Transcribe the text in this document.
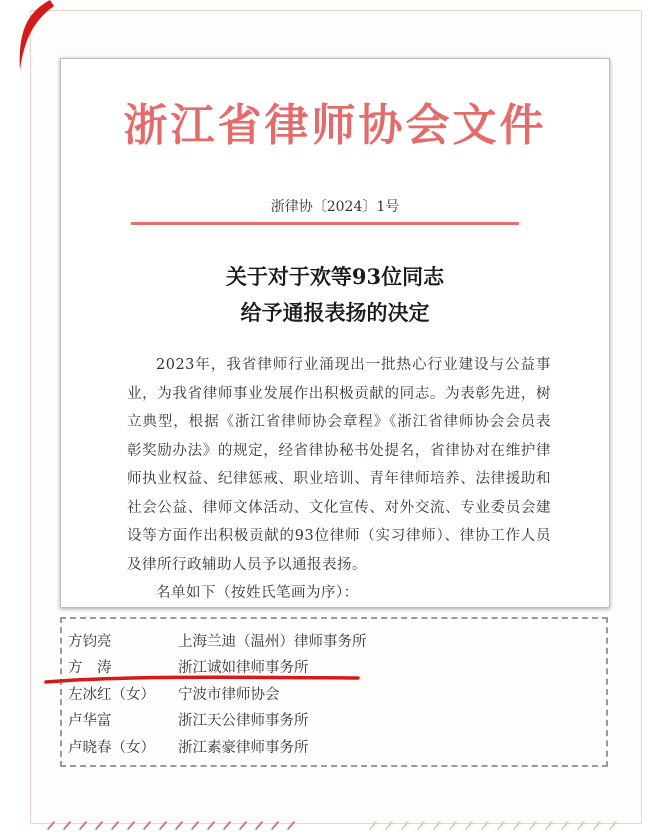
浙江省律师协会文件
浙律协〔2024〕1号
关于对于欢等93位同志
给予通报表扬的决定

2023年，我省律师行业涌现出一批热心行业建设与公益事业，为我省律师事业发展作出积极贡献的同志。为表彰先进，树立典型，根据《浙江省律师协会章程》《浙江省律师协会会员表彰奖励办法》的规定，经省律协秘书处提名，省律协对在维护律师执业权益、纪律惩戒、职业培训、青年律师培养、法律援助和社会公益、律师文体活动、文化宣传、对外交流、专业委员会建设等方面作出积极贡献的93位律师（实习律师）、律协工作人员及律所行政辅助人员予以通报表扬。

名单如下（按姓氏笔画为序）：

方钧亮	上海兰迪（温州）律师事务所
方　涛	浙江诚如律师事务所
左冰红（女） 宁波市律师协会
卢华富	浙江天公律师事务所
卢晓春（女） 浙江素豪律师事务所
